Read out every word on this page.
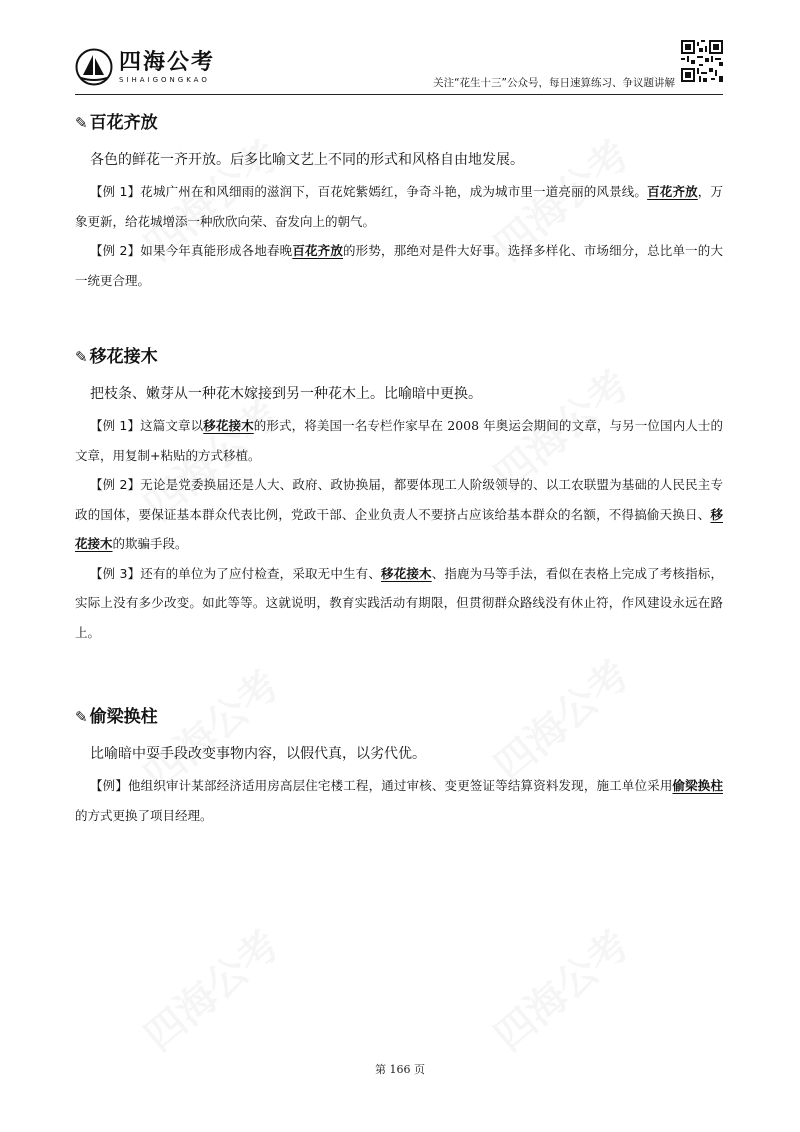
四海公考
SIHAIGONGKAO	关注“花生十三”公众号，每日速算练习、争议题讲解
✎ 百花齐放
各色的鲜花一齐开放。后多比喻文艺上不同的形式和风格自由地发展。
【例 1】花城广州在和风细雨的滋润下，百花姹紫嫣红，争奇斗艳，成为城市里一道亮丽的风景线。百花齐放，万象更新，给花城增添一种欣欣向荣、奋发向上的朝气。
【例 2】如果今年真能形成各地春晚百花齐放的形势，那绝对是件大好事。选择多样化、市场细分，总比单一的大一统更合理。
✎ 移花接木
把枝条、嫩芽从一种花木嫁接到另一种花木上。比喻暗中更换。
【例 1】这篇文章以移花接木的形式，将美国一名专栏作家早在 2008 年奥运会期间的文章，与另一位国内人士的文章，用复制+粘贴的方式移植。
【例 2】无论是党委换届还是人大、政府、政协换届，都要体现工人阶级领导的、以工农联盟为基础的人民民主专政的国体，要保证基本群众代表比例，党政干部、企业负责人不要挤占应该给基本群众的名额，不得搞偷天换日、移花接木的欺骗手段。
【例 3】还有的单位为了应付检查，采取无中生有、移花接木、指鹿为马等手法，看似在表格上完成了考核指标，实际上没有多少改变。如此等等。这就说明，教育实践活动有期限，但贯彻群众路线没有休止符，作风建设永远在路上。
✎ 偷梁换柱
比喻暗中耍手段改变事物内容，以假代真，以劣代优。
【例】他组织审计某部经济适用房高层住宅楼工程，通过审核、变更签证等结算资料发现，施工单位采用偷梁换柱的方式更换了项目经理。
第 166 页
